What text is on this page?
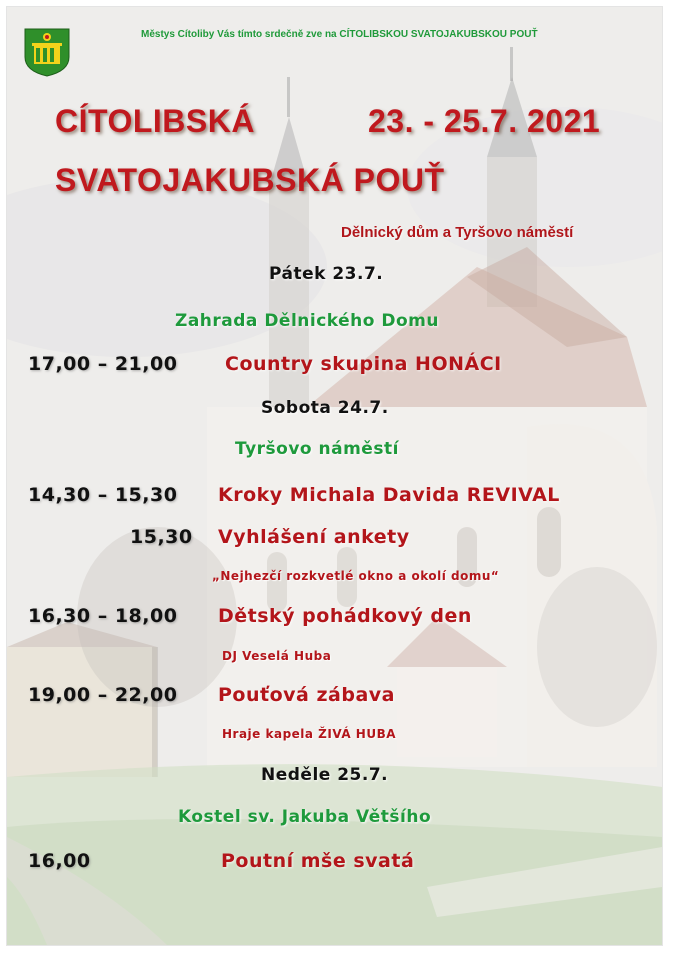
Městys Cítoliby Vás tímto srdečně zve na CÍTOLIBSKOU SVATOJAKUBSKOU POUŤ
CÍTOLIBSKÁ	23. - 25.7. 2021
SVATOJAKUBSKÁ POUŤ
Dělnický dům a Tyršovo náměstí
Pátek 23.7.
Zahrada Dělnického Domu
17,00 – 21,00	Country skupina HONÁCI
Sobota 24.7.
Tyršovo náměstí
14,30 – 15,30 Kroky Michala Davida REVIVAL
15,30 Vyhlášení ankety
„Nejhezčí rozkvetlé okno a okolí domu“
16,30 – 18,00 Dětský pohádkový den
DJ Veselá Huba
19,00 – 22,00 Pouťová zábava
Hraje kapela ŽIVÁ HUBA
Neděle 25.7.
Kostel sv. Jakuba Většího
16,00	Poutní mše svatá
